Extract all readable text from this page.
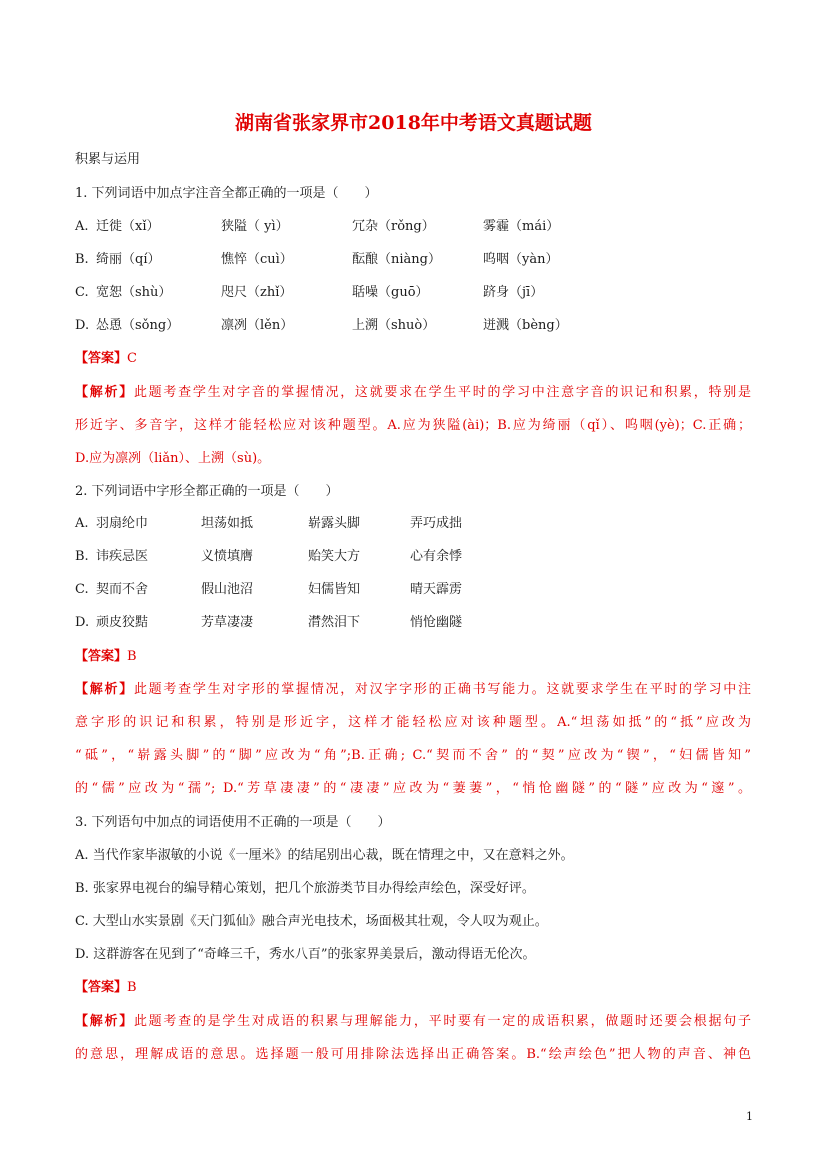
湖南省张家界市2018年中考语文真题试题
积累与运用
1. 下列词语中加点字注音全都正确的一项是（　　）
A. 迁徙（xǐ）	狭隘（ yì）	冗杂（rǒng）	雾霾（mái）
B. 绮丽（qí）	憔悴（cuì）	酝酿（niàng）	呜咽（yàn）
C. 宽恕（shù）	咫尺（zhǐ）	聒噪（guō）	跻身（jī）
D. 怂恿（sǒng）	凛冽（lěn）	上溯（shuò）	迸溅（bèng）
【答案】C
【解析】此题考查学生对字音的掌握情况，这就要求在学生平时的学习中注意字音的识记和积累，特别是
形近字、多音字，这样才能轻松应对该种题型。A.应为狭隘(ài)；B.应为绮丽（qǐ）、呜咽(yè)；C.正确；
D.应为凛冽（liǎn）、上溯（sù)。
2. 下列词语中字形全都正确的一项是（　　）
A. 羽扇纶巾	坦荡如抵	崭露头脚	弄巧成拙
B. 讳疾忌医	义愤填膺	贻笑大方	心有余悸
C. 契而不舍	假山池沼	妇儒皆知	晴天霹雳
D. 顽皮狡黠	芳草凄凄	潸然泪下	悄怆幽隧
【答案】B
【解析】此题考查学生对字形的掌握情况，对汉字字形的正确书写能力。这就要求学生在平时的学习中注
意字形的识记和积累，特别是形近字，这样才能轻松应对该种题型。A.“坦荡如抵”的“抵”应改为
“砥”，“崭露头脚”的“脚”应改为“角”;B.正确; C.“契而不舍” 的“契”应改为“锲”，“妇儒皆知”
的“儒”应改为“孺”; D.“芳草凄凄”的“凄凄”应改为“萋萋”，“悄怆幽隧”的“隧”应改为“邃”。
3. 下列语句中加点的词语使用不正确的一项是（　　）
A. 当代作家毕淑敏的小说《一厘米》的结尾别出心裁，既在情理之中，又在意料之外。
B. 张家界电视台的编导精心策划，把几个旅游类节目办得绘声绘色，深受好评。
C. 大型山水实景剧《天门狐仙》融合声光电技术，场面极其壮观，令人叹为观止。
D. 这群游客在见到了“奇峰三千，秀水八百”的张家界美景后，激动得语无伦次。
【答案】B
【解析】此题考查的是学生对成语的积累与理解能力，平时要有一定的成语积累，做题时还要会根据句子
的意思，理解成语的意思。选择题一般可用排除法选择出正确答案。B.“绘声绘色”把人物的声音、神色
1
